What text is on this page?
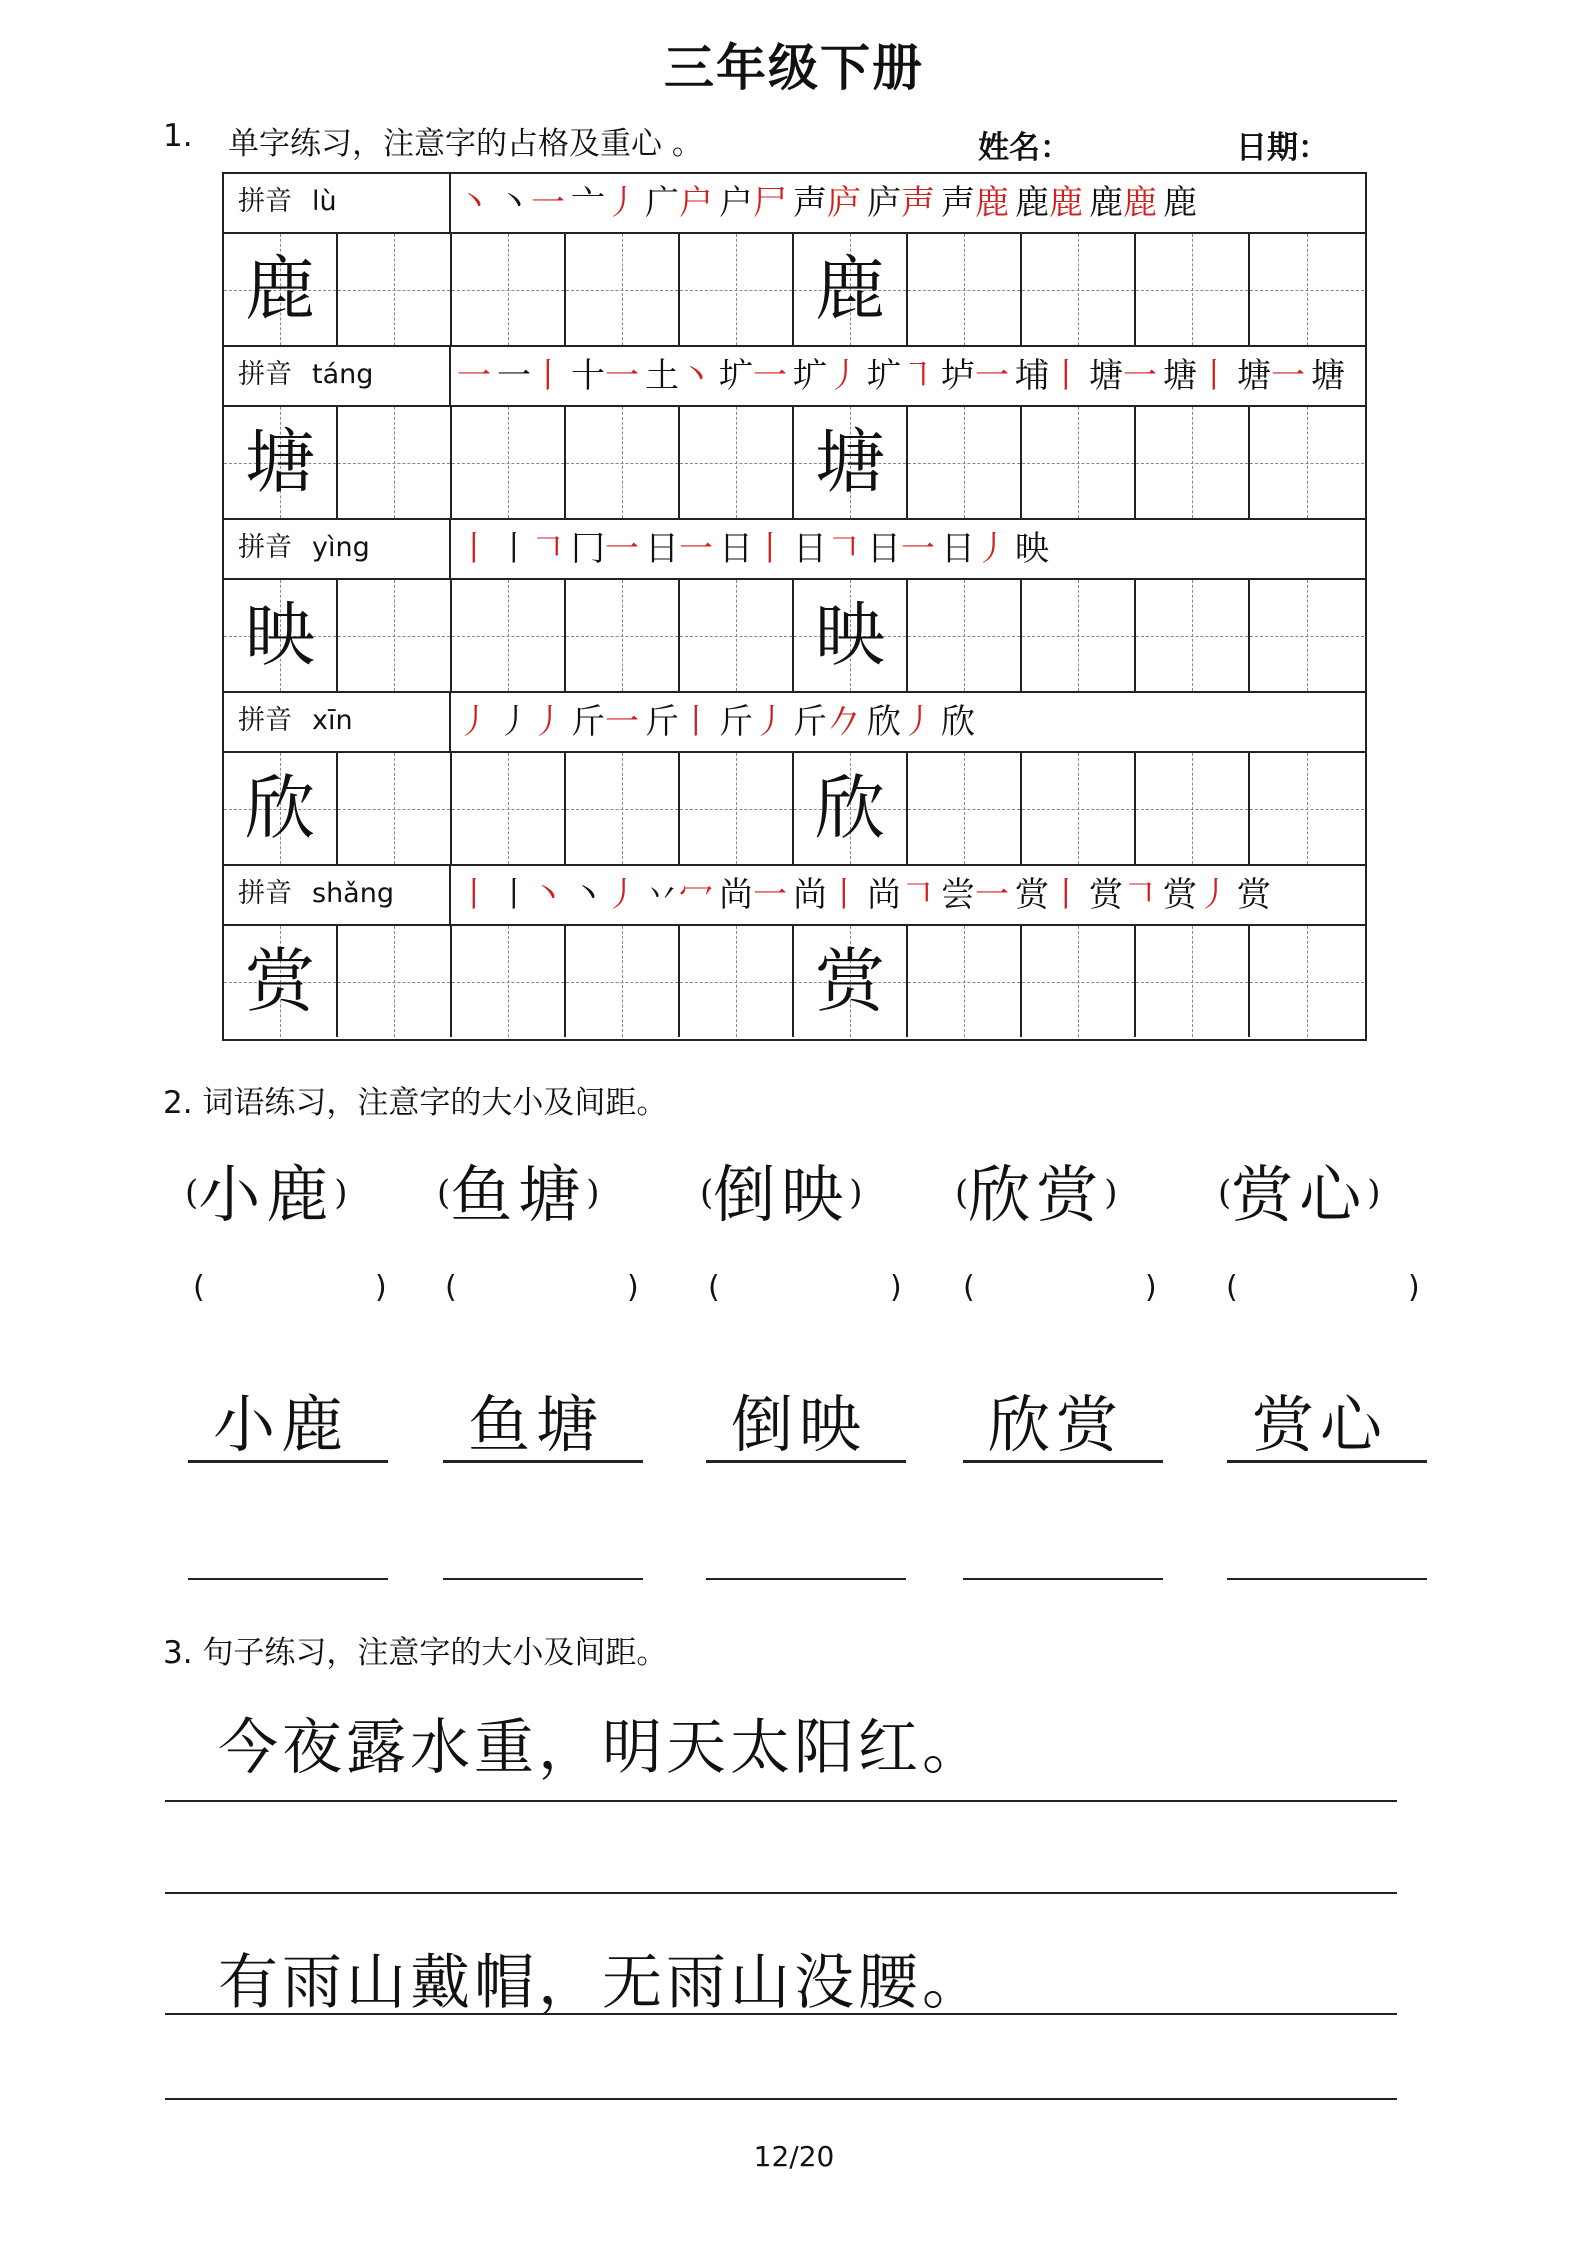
三年级下册
1. 单字练习，注意字的占格及重心 。	姓名：	日期：
拼音 lù	丶 丶一 亠丿 广户 户尸 声庐 庐声 声鹿 鹿鹿 鹿鹿 鹿
鹿	鹿
拼音 táng	一 一丨 十一 土丶 圹一 圹丿 圹㇕ 垆一 埔丨 塘一 塘丨 塘一 塘
塘	塘
拼音 yìng	丨 丨𠃍 冂一 日一 日丨 日𠃍 日一 日丿 映
映	映
拼音 xīn	丿 丿丿 斤一 斤丨 斤丿 斤𠂊 欣丿 欣
欣	欣
拼音 shǎng	丨 丨丶 丶丿 丷冖 尚一 尚丨 尚𠃍 尝一 赏丨 赏𠃍 赏丿 赏
赏	赏
2. 词语练习，注意字的大小及间距。
(小鹿)	(鱼塘)	(倒映)	(欣赏)	(赏心)
(	) (	) (	) (	) (	)
小鹿 鱼塘 倒映 欣赏 赏心
3. 句子练习，注意字的大小及间距。
今夜露水重，明天太阳红。
有雨山戴帽，无雨山没腰。
12/20
